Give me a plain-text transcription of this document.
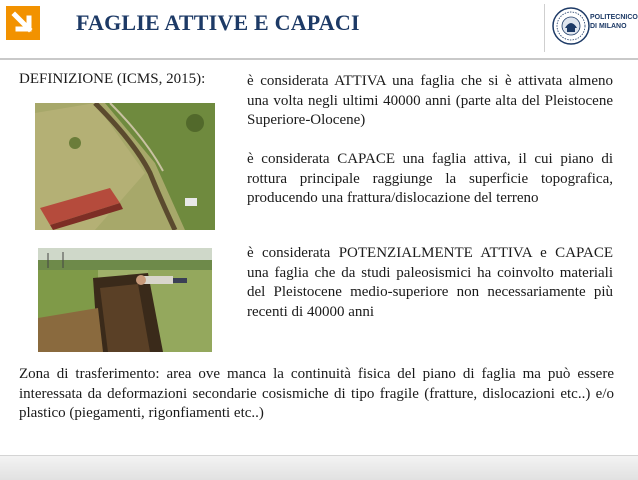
FAGLIE ATTIVE E CAPACI	POLITECNICO
DI MILANO
DEFINIZIONE (ICMS, 2015):	è considerata ATTIVA una faglia che si è attivata almeno una volta negli ultimi 40000 anni (parte alta del Pleistocene Superiore-Olocene)
è considerata CAPACE una faglia attiva, il cui piano di rottura principale raggiunge la superficie topografica, producendo una frattura/dislocazione del terreno
è considerata POTENZIALMENTE ATTIVA e CAPACE una faglia che da studi paleosismici ha coinvolto materiali del Pleistocene medio-superiore non necessariamente più recenti di 40000 anni
Zona di trasferimento: area ove manca la continuità fisica del piano di faglia ma può essere interessata da deformazioni secondarie cosismiche di tipo fragile (fratture, dislocazioni etc..) e/o plastico (piegamenti, rigonfiamenti etc..)
